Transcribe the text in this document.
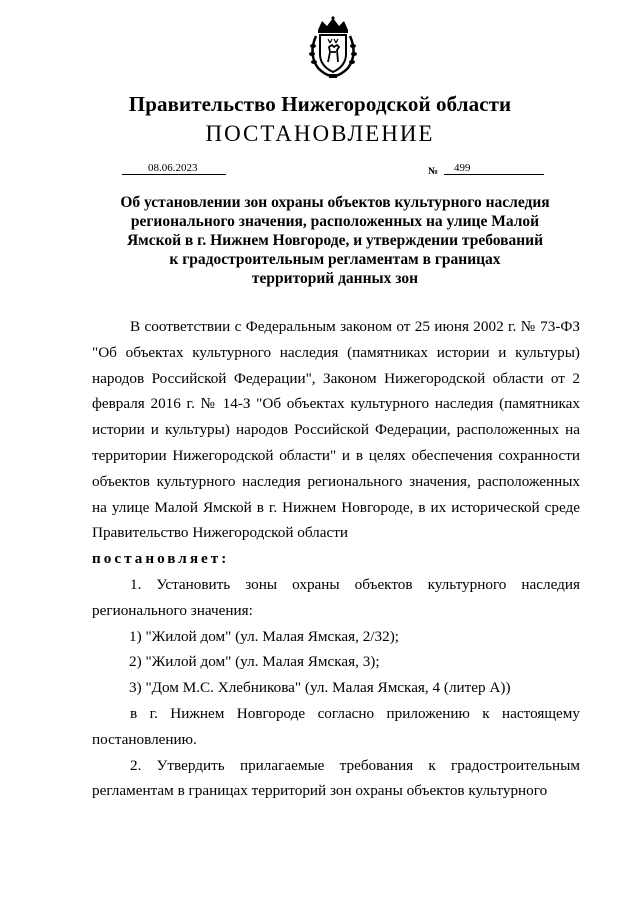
Правительство Нижегородской области
ПОСТАНОВЛЕНИЕ
08.06.2023	№	499
Об установлении зон охраны объектов культурного наследия
регионального значения, расположенных на улице Малой
Ямской в г. Нижнем Новгороде, и утверждении требований
к градостроительным регламентам в границах
территорий данных зон

В соответствии с Федеральным законом от 25 июня 2002 г. № 73-ФЗ "Об объектах культурного наследия (памятниках истории и культуры) народов Российской Федерации", Законом Нижегородской области от 2 февраля 2016 г. № 14-З "Об объектах культурного наследия (памятниках истории и культуры) народов Российской Федерации, расположенных на территории Нижегородской области" и в целях обеспечения сохранности объектов культурного наследия регионального значения, расположенных на улице Малой Ямской в г. Нижнем Новгороде, в их исторической среде Правительство Нижегородской области

постановляет:

1. Установить зоны охраны объектов культурного наследия регионального значения:

1) "Жилой дом" (ул. Малая Ямская, 2/32);

2) "Жилой дом" (ул. Малая Ямская, 3);

3) "Дом М.С. Хлебникова" (ул. Малая Ямская, 4 (литер А))

в г. Нижнем Новгороде согласно приложению к настоящему постановлению.

2. Утвердить прилагаемые требования к градостроительным регламентам в границах территорий зон охраны объектов культурного
